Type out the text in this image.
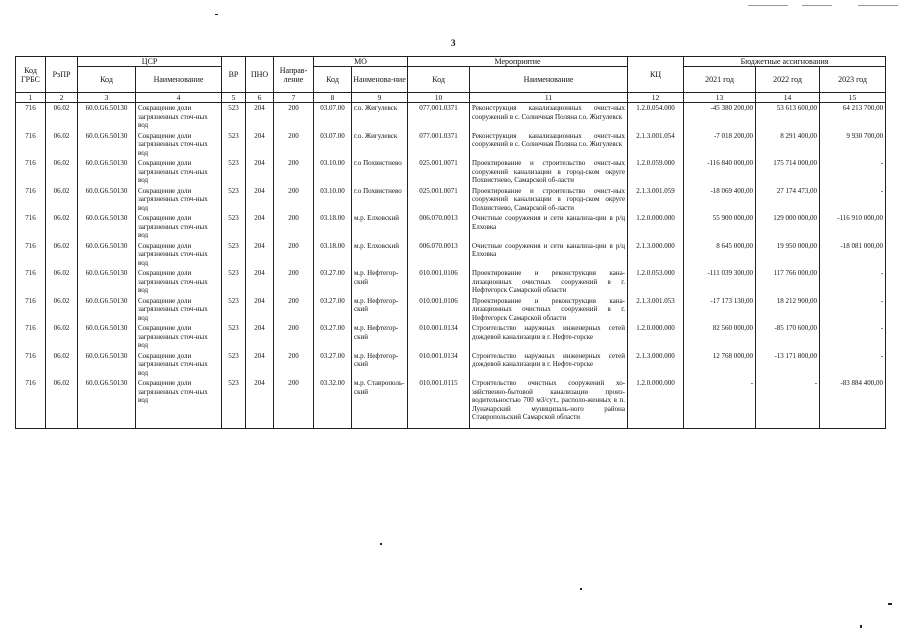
3
Код ГРБС	РзПР	ЦСР		ВР	ПНО	Направ-ление	МО		Мероприятие		КЦ	Бюджетные ассигнования		
		Код	Наименование				Код	Наименова-ние	Код	Наименование		2021 год	2022 год	2023 год
1	2	3	4	5	6	7	8	9	10	11	12	13	14	15
716	06.02	60.0.G6.50130	Сокращение доли загрязненных сточ-ных вод	523	204	200	03.07.00	г.о. Жигулевск	077.001.0371	Реконструкция канализационных очист-ных сооружений в с. Солнечная Поляна г.о. Жигулевск	1.2.0.054.000	-45 380 200,00	53 613 600,00	64 213 700,00
716	06.02	60.0.G6.50130	Сокращение доли загрязненных сточ-ных вод	523	204	200	03.07.00	г.о. Жигулевск	077.001.0371	Реконструкция канализационных очист-ных сооружений в с. Солнечная Поляна г.о. Жигулевск	2.1.3.001.054	-7 018 200,00	8 291 400,00	9 930 700,00
716	06.02	60.0.G6.50130	Сокращение доли загрязненных сточ-ных вод	523	204	200	03.10.00	г.о Похвистнево	025.001.0071	Проектирование и строительство очист-ных сооружений канализации в город-ском округе Похвистнево, Самарской об-ласти	1.2.0.059.000	-116 840 000,00	175 714 000,00	-
716	06.02	60.0.G6.50130	Сокращение доли загрязненных сточ-ных вод	523	204	200	03.10.00	г.о Похвистнево	025.001.0071	Проектирование и строительство очист-ных сооружений канализации в город-ском округе Похвистнево, Самарской об-ласти	2.1.3.001.059	-18 069 400,00	27 174 473,00	-
716	06.02	60.0.G6.50130	Сокращение доли загрязненных сточ-ных вод	523	204	200	03.18.00	м.р. Елховский	006.070.0013	Очистные сооружения и сети канализа-ции в р/ц Елховка	1.2.0.000.000	55 900 000,00	129 000 000,00	-116 910 000,00
716	06.02	60.0.G6.50130	Сокращение доли загрязненных сточ-ных вод	523	204	200	03.18.00	м.р. Елховский	006.070.0013	Очистные сооружения и сети канализа-ции в р/ц Елховка	2.1.3.000.000	8 645 000,00	19 950 000,00	-18 081 000,00
716	06.02	60.0.G6.50130	Сокращение доли загрязненных сточ-ных вод	523	204	200	03.27.00	м.р. Нефтегор-ский	010.001.0106	Проектирование и реконструкция кана-лизационных очистных сооружений в г. Нефтегорск Самарской области	1.2.0.053.000	-111 039 300,00	117 766 000,00	-
716	06.02	60.0.G6.50130	Сокращение доли загрязненных сточ-ных вод	523	204	200	03.27.00	м.р. Нефтегор-ский	010.001.0106	Проектирование и реконструкция кана-лизационных очистных сооружений в г. Нефтегорск Самарской области	2.1.3.001.053	-17 173 130,00	18 212 900,00	-
716	06.02	60.0.G6.50130	Сокращение доли загрязненных сточ-ных вод	523	204	200	03.27.00	м.р. Нефтегор-ский	010.001.0134	Строительство наружных инженерных сетей дождевой канализации в г. Нефте-горске	1.2.0.000.000	82 560 000,00	-85 170 600,00	-
716	06.02	60.0.G6.50130	Сокращение доли загрязненных сточ-ных вод	523	204	200	03.27.00	м.р. Нефтегор-ский	010.001.0134	Строительство наружных инженерных сетей дождевой канализации в г. Нефте-горске	2.1.3.000.000	12 768 000,00	-13 171 800,00	-
716	06.02	60.0.G6.50130	Сокращение доли загрязненных сточ-ных вод	523	204	200	03.32.00	м.р. Ставрополь-ский	010.001.0115	Строительство очистных сооружений хо-зяйственно-бытовой канализации произ-водительностью 700 м3/сут., располо-женных в п. Луначарский муниципаль-ного района Ставропольский Самарской области	1.2.0.000.000	-	-	-83 884 400,00
